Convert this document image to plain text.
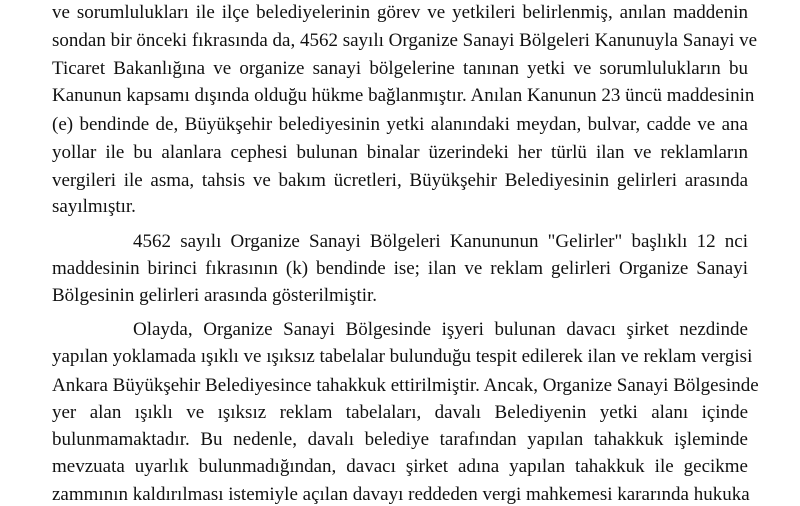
ve sorumlulukları ile ilçe belediyelerinin görev ve yetkileri belirlenmiş, anılan maddenin
sondan bir önceki fıkrasında da, 4562 sayılı Organize Sanayi Bölgeleri Kanunuyla Sanayi ve
Ticaret Bakanlığına ve organize sanayi bölgelerine tanınan yetki ve sorumlulukların bu
Kanunun kapsamı dışında olduğu hükme bağlanmıştır. Anılan Kanunun 23 üncü maddesinin
(e) bendinde de, Büyükşehir belediyesinin yetki alanındaki meydan, bulvar, cadde ve ana
yollar ile bu alanlara cephesi bulunan binalar üzerindeki her türlü ilan ve reklamların
vergileri ile asma, tahsis ve bakım ücretleri, Büyükşehir Belediyesinin gelirleri arasında
sayılmıştır.
4562 sayılı Organize Sanayi Bölgeleri Kanununun "Gelirler" başlıklı 12 nci
maddesinin birinci fıkrasının (k) bendinde ise; ilan ve reklam gelirleri Organize Sanayi
Bölgesinin gelirleri arasında gösterilmiştir.
Olayda, Organize Sanayi Bölgesinde işyeri bulunan davacı şirket nezdinde
yapılan yoklamada ışıklı ve ışıksız tabelalar bulunduğu tespit edilerek ilan ve reklam vergisi
Ankara Büyükşehir Belediyesince tahakkuk ettirilmiştir. Ancak, Organize Sanayi Bölgesinde
yer alan ışıklı ve ışıksız reklam tabelaları, davalı Belediyenin yetki alanı içinde
bulunmamaktadır. Bu nedenle, davalı belediye tarafından yapılan tahakkuk işleminde
mevzuata uyarlık bulunmadığından, davacı şirket adına yapılan tahakkuk ile gecikme
zammının kaldırılması istemiyle açılan davayı reddeden vergi mahkemesi kararında hukuka
